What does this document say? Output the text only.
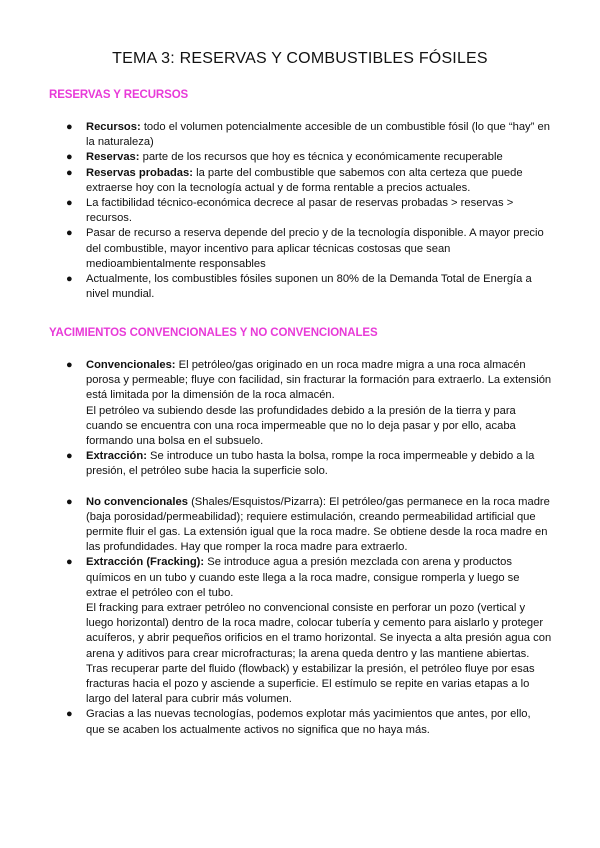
TEMA 3: RESERVAS Y COMBUSTIBLES FÓSILES
RESERVAS Y RECURSOS
● Recursos: todo el volumen potencialmente accesible de un combustible fósil (lo que “hay” en la naturaleza)
● Reservas: parte de los recursos que hoy es técnica y económicamente recuperable
● Reservas probadas: la parte del combustible que sabemos con alta certeza que puede extraerse hoy con la tecnología actual y de forma rentable a precios actuales.
● La factibilidad técnico-económica decrece al pasar de reservas probadas > reservas > recursos.
● Pasar de recurso a reserva depende del precio y de la tecnología disponible. A mayor precio del combustible, mayor incentivo para aplicar técnicas costosas que sean medioambientalmente responsables
● Actualmente, los combustibles fósiles suponen un 80% de la Demanda Total de Energía a nivel mundial.
YACIMIENTOS CONVENCIONALES Y NO CONVENCIONALES
● Convencionales: El petróleo/gas originado en un roca madre migra a una roca almacén porosa y permeable; fluye con facilidad, sin fracturar la formación para extraerlo. La extensión está limitada por la dimensión de la roca almacén.
El petróleo va subiendo desde las profundidades debido a la presión de la tierra y para cuando se encuentra con una roca impermeable que no lo deja pasar y por ello, acaba formando una bolsa en el subsuelo.
● Extracción: Se introduce un tubo hasta la bolsa, rompe la roca impermeable y debido a la presión, el petróleo sube hacia la superficie solo.
● No convencionales (Shales/Esquistos/Pizarra): El petróleo/gas permanece en la roca madre (baja porosidad/permeabilidad); requiere estimulación, creando permeabilidad artificial que permite fluir el gas. La extensión igual que la roca madre. Se obtiene desde la roca madre en las profundidades. Hay que romper la roca madre para extraerlo.
● Extracción (Fracking): Se introduce agua a presión mezclada con arena y productos químicos en un tubo y cuando este llega a la roca madre, consigue romperla y luego se extrae el petróleo con el tubo.
El fracking para extraer petróleo no convencional consiste en perforar un pozo (vertical y luego horizontal) dentro de la roca madre, colocar tubería y cemento para aislarlo y proteger acuíferos, y abrir pequeños orificios en el tramo horizontal. Se inyecta a alta presión agua con arena y aditivos para crear microfracturas; la arena queda dentro y las mantiene abiertas. Tras recuperar parte del fluido (flowback) y estabilizar la presión, el petróleo fluye por esas fracturas hacia el pozo y asciende a superficie. El estímulo se repite en varias etapas a lo largo del lateral para cubrir más volumen.
● Gracias a las nuevas tecnologías, podemos explotar más yacimientos que antes, por ello, que se acaben los actualmente activos no significa que no haya más.
